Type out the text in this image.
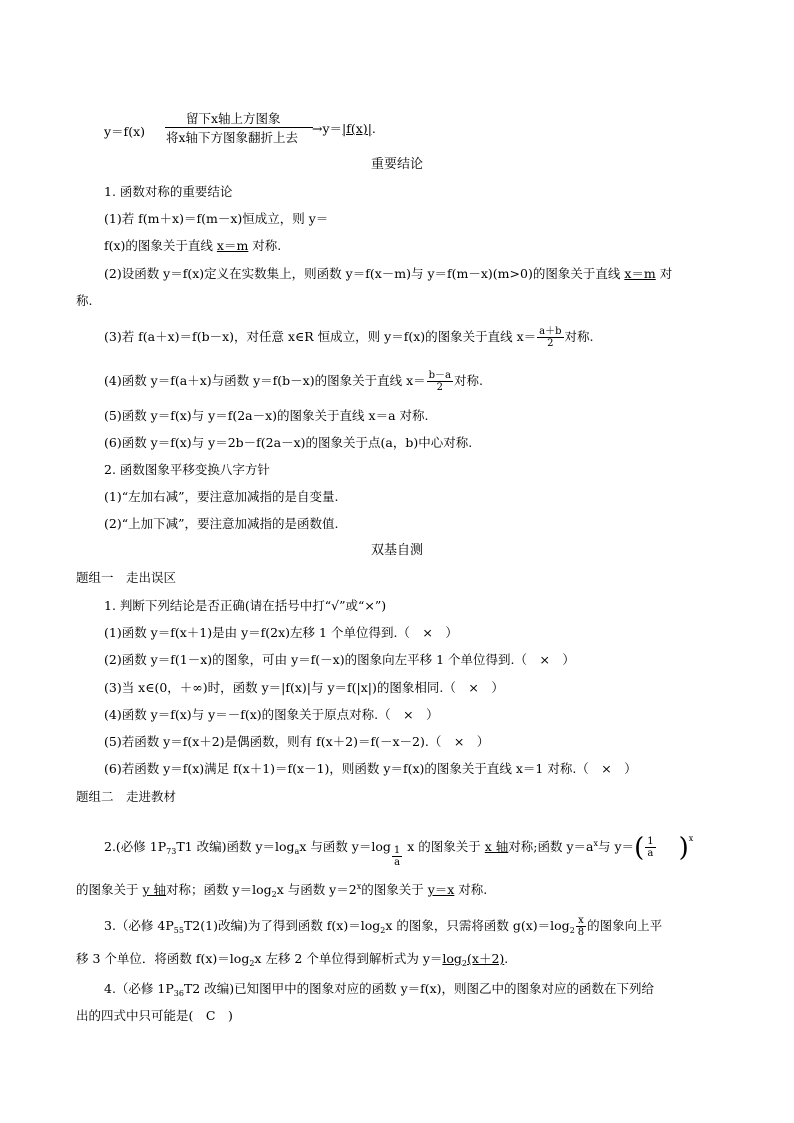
y＝f(x)
留下x轴上方图象
将x轴下方图象翻折上去
→y＝|f(x)|.
重要结论
1. 函数对称的重要结论
(1)若 f(m＋x)＝f(m－x)恒成立，则 y＝
f(x)的图象关于直线 x＝m 对称.
(2)设函数 y＝f(x)定义在实数集上，则函数 y＝f(x－m)与 y＝f(m－x)(m>0)的图象关于直线 x＝m 对
称.
(3)若 f(a＋x)＝f(b－x)，对任意 x∈R 恒成立，则 y＝f(x)的图象关于直线 $x= \frac{a+b}{2}$ 对称.
(4)函数 y＝f(a＋x)与函数 y＝f(b－x)的图象关于直线 $x= \frac{b-a}{2}$ 对称.
(5)函数 y＝f(x)与 y＝f(2a－x)的图象关于直线 x＝a 对称.
(6)函数 y＝f(x)与 y＝2b－f(2a－x)的图象关于点(a，b)中心对称.
2. 函数图象平移变换八字方针
(1)“左加右减”，要注意加减指的是自变量.
(2)“上加下减”，要注意加减指的是函数值.
双基自测
题组一　走出误区
1. 判断下列结论是否正确(请在括号中打“√”或“×”)
(1)函数 y＝f(x＋1)是由 y＝f(2x)左移 1 个单位得到.（　×　）
(2)函数 y＝f(1－x)的图象，可由 y＝f(－x)的图象向左平移 1 个单位得到.（　×　）
(3)当 x∈(0，＋∞)时，函数 y＝|f(x)|与 y＝f(|x|)的图象相同.（　×　）
(4)函数 y＝f(x)与 y＝－f(x)的图象关于原点对称.（　×　）
(5)若函数 y＝f(x＋2)是偶函数，则有 f(x＋2)＝f(－x－2).（　×　）
(6)若函数 y＝f(x)满足 f(x＋1)＝f(x－1)，则函数 y＝f(x)的图象关于直线 x＝1 对称.（　×　）
题组二　走进教材
2.(必修 $1P_{73}T1$ 改编)函数 $y=\log_ax$ 与函数 $y=\log \frac{1}{a}$ x 的图象关于 x 轴对称;函数 $y=a^x$与 $y=( \frac{1}{a} )^x$
的图象关于 y 轴对称；函数 $y=\log_2x$ 与函数 $y=2^x$的图象关于 y＝x 对称.
3.（必修 $4P_{55}T2(1)$改编)为了得到函数 $f(x)=\log_2x$ 的图象，只需将函数 $g(x)=\log_2 \frac{x}{8}$ 的图象向上平
移 3 个单位．将函数 $f(x)=\log_2x$ 左移 2 个单位得到解析式为 $y=\log_2(x+2)$.
4.（必修 $1P_{36}T2$ 改编)已知图甲中的图象对应的函数 y＝f(x)，则图乙中的图象对应的函数在下列给
出的四式中只可能是(　C　)
